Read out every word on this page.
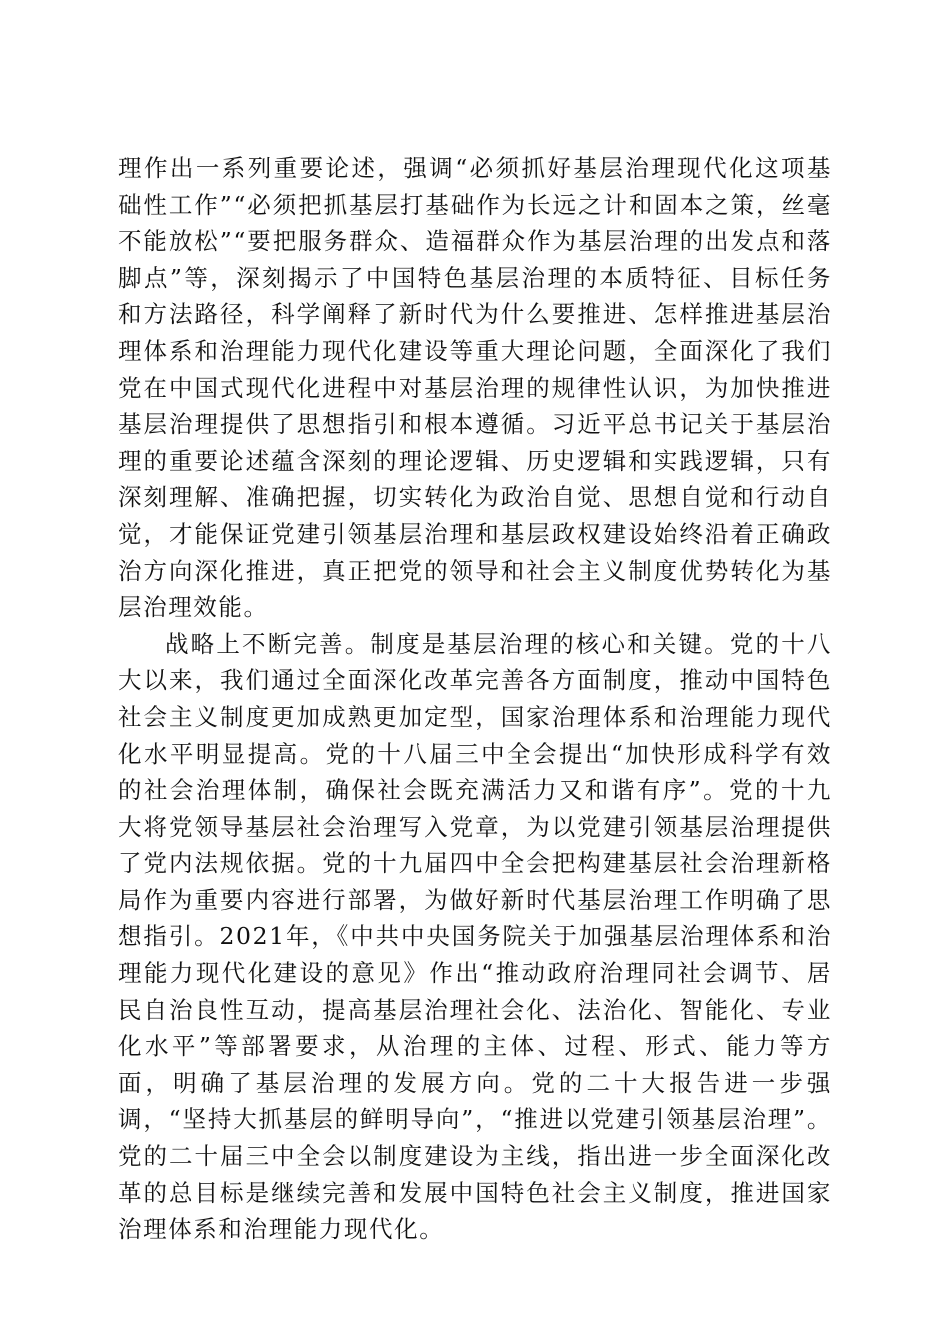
理作出一系列重要论述，强调“必须抓好基层治理现代化这项基础性工作”“必须把抓基层打基础作为长远之计和固本之策，丝毫不能放松”“要把服务群众、造福群众作为基层治理的出发点和落脚点”等，深刻揭示了中国特色基层治理的本质特征、目标任务和方法路径，科学阐释了新时代为什么要推进、怎样推进基层治理体系和治理能力现代化建设等重大理论问题，全面深化了我们党在中国式现代化进程中对基层治理的规律性认识，为加快推进基层治理提供了思想指引和根本遵循。习近平总书记关于基层治理的重要论述蕴含深刻的理论逻辑、历史逻辑和实践逻辑，只有深刻理解、准确把握，切实转化为政治自觉、思想自觉和行动自觉，才能保证党建引领基层治理和基层政权建设始终沿着正确政治方向深化推进，真正把党的领导和社会主义制度优势转化为基层治理效能。

战略上不断完善。制度是基层治理的核心和关键。党的十八大以来，我们通过全面深化改革完善各方面制度，推动中国特色社会主义制度更加成熟更加定型，国家治理体系和治理能力现代化水平明显提高。党的十八届三中全会提出“加快形成科学有效的社会治理体制，确保社会既充满活力又和谐有序”。党的十九大将党领导基层社会治理写入党章，为以党建引领基层治理提供了党内法规依据。党的十九届四中全会把构建基层社会治理新格局作为重要内容进行部署，为做好新时代基层治理工作明确了思想指引。2021年，《中共中央国务院关于加强基层治理体系和治理能力现代化建设的意见》作出“推动政府治理同社会调节、居民自治良性互动，提高基层治理社会化、法治化、智能化、专业化水平”等部署要求，从治理的主体、过程、形式、能力等方面，明确了基层治理的发展方向。党的二十大报告进一步强调，“坚持大抓基层的鲜明导向”，“推进以党建引领基层治理”。党的二十届三中全会以制度建设为主线，指出进一步全面深化改革的总目标是继续完善和发展中国特色社会主义制度，推进国家治理体系和治理能力现代化。
